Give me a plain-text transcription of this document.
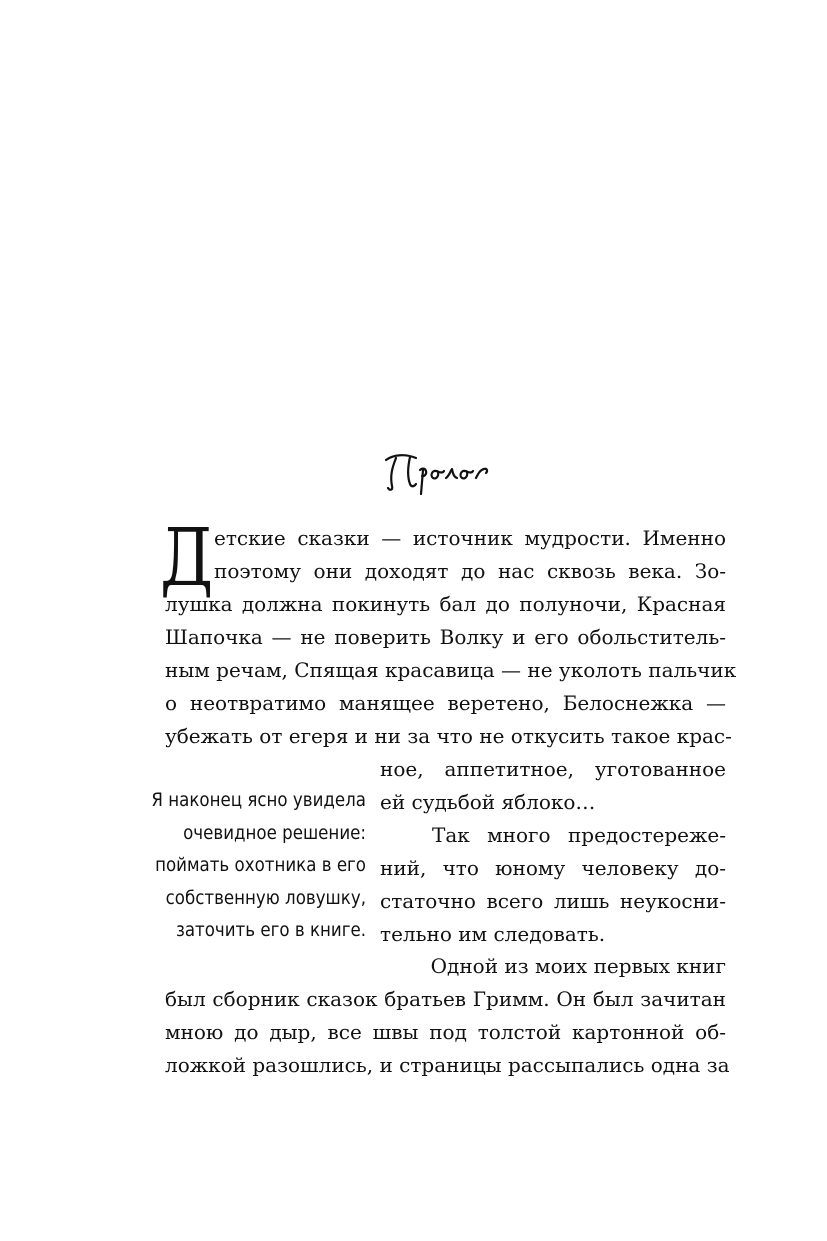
Д етские сказки — источник мудрости. Именно
поэтому они доходят до нас сквозь века. Зо-
лушка должна покинуть бал до полуночи, Красная
Шапочка — не поверить Волку и его обольститель-
ным речам, Спящая красавица — не уколоть пальчик
о неотвратимо манящее веретено, Белоснежка —
убежать от егеря и ни за что не откусить такое крас-
ное, аппетитное, уготованное
ей судьбой яблоко…
Так много предостереже-
ний, что юному человеку до-
статочно всего лишь неукосни-
тельно им следовать.
Одной из моих первых книг
был сборник сказок братьев Гримм. Он был зачитан
мною до дыр, все швы под толстой картонной об-
ложкой разошлись, и страницы рассыпались одна за
Я наконец ясно увидела
очевидное решение:
поймать охотника в его
собственную ловушку,
заточить его в книге.
